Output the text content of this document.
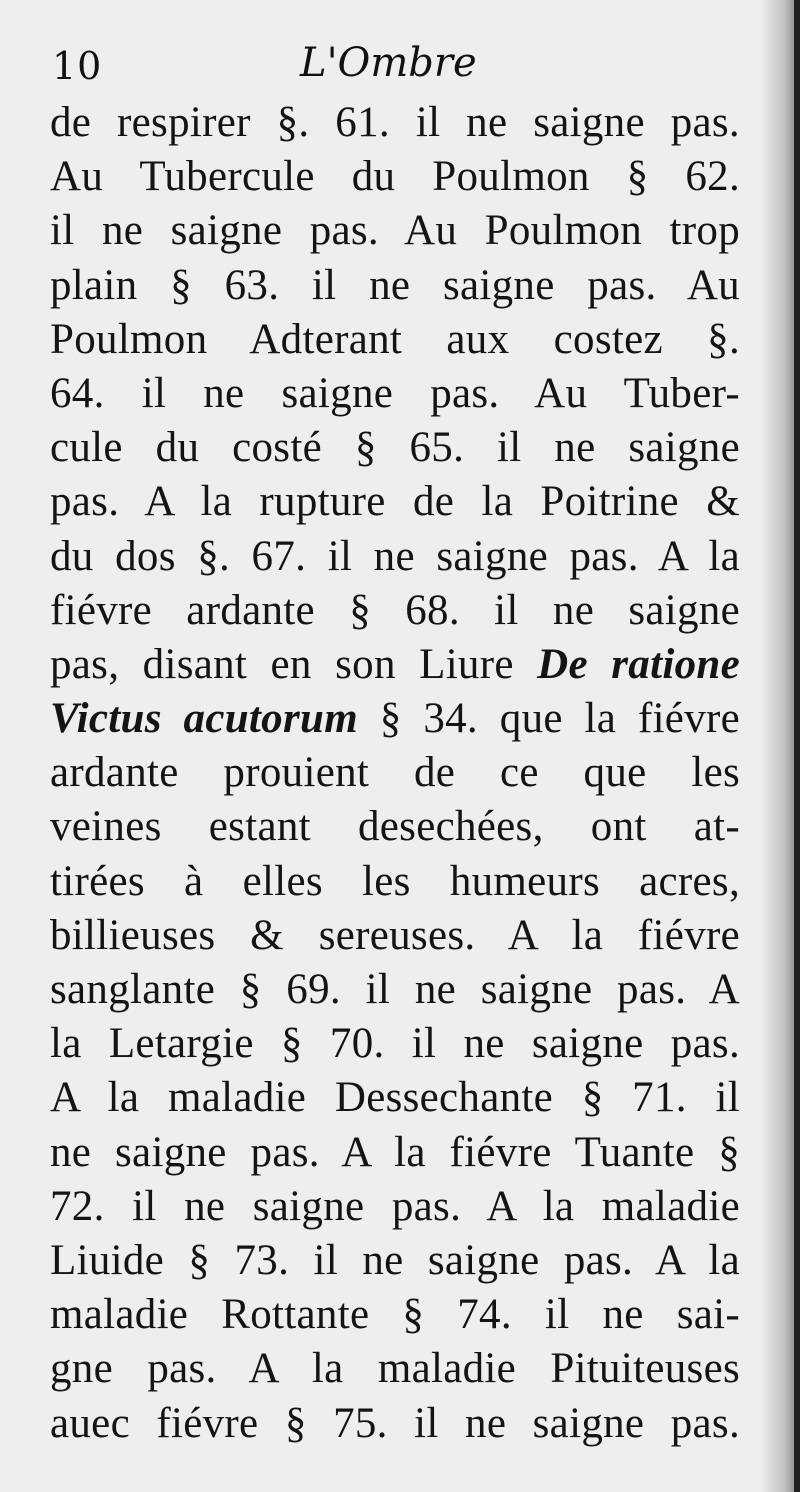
10	L'Ombre
de respirer §. 61. il ne saigne pas.
Au Tubercule du Poulmon § 62.
il ne saigne pas. Au Poulmon trop
plain § 63. il ne saigne pas. Au
Poulmon Adterant aux costez §.
64. il ne saigne pas. Au Tuber-
cule du costé § 65. il ne saigne
pas. A la rupture de la Poitrine &
du dos §. 67. il ne saigne pas. A la
fiévre ardante § 68. il ne saigne
pas, disant en son Liure De ratione
Victus acutorum § 34. que la fiévre
ardante prouient de ce que les
veines estant desechées, ont at-
tirées à elles les humeurs acres,
billieuses & sereuses. A la fiévre
sanglante § 69. il ne saigne pas. A
la Letargie § 70. il ne saigne pas.
A la maladie Dessechante § 71. il
ne saigne pas. A la fiévre Tuante §
72. il ne saigne pas. A la maladie
Liuide § 73. il ne saigne pas. A la
maladie Rottante § 74. il ne sai-
gne pas. A la maladie Pituiteuses
auec fiévre § 75. il ne saigne pas.
